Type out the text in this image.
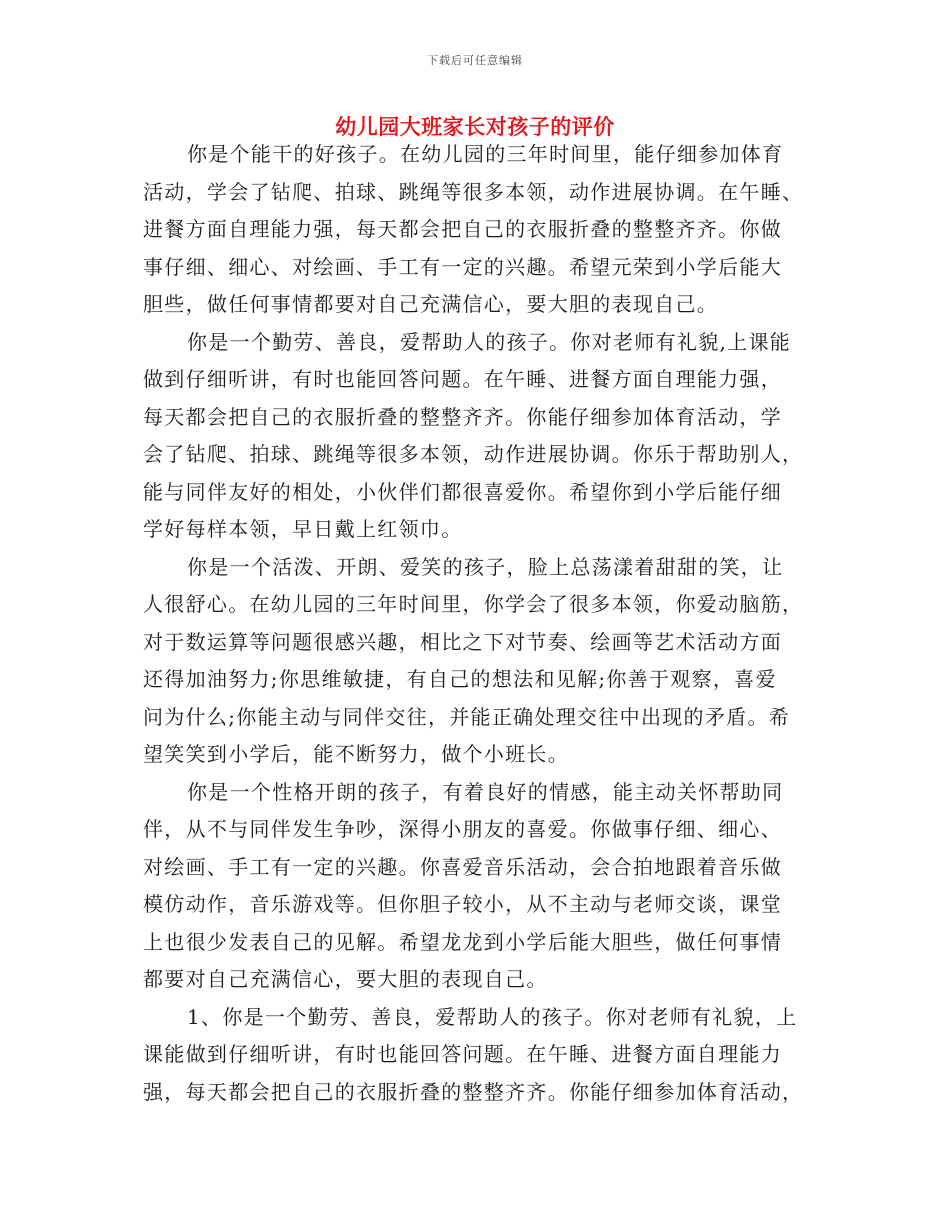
下载后可任意编辑
幼儿园大班家长对孩子的评价
你是个能干的好孩子。在幼儿园的三年时间里，能仔细参加体育
活动，学会了钻爬、拍球、跳绳等很多本领，动作进展协调。在午睡、
进餐方面自理能力强，每天都会把自己的衣服折叠的整整齐齐。你做
事仔细、细心、对绘画、手工有一定的兴趣。希望元荣到小学后能大
胆些，做任何事情都要对自己充满信心，要大胆的表现自己。
你是一个勤劳、善良，爱帮助人的孩子。你对老师有礼貌,上课能
做到仔细听讲，有时也能回答问题。在午睡、进餐方面自理能力强，
每天都会把自己的衣服折叠的整整齐齐。你能仔细参加体育活动，学
会了钻爬、拍球、跳绳等很多本领，动作进展协调。你乐于帮助别人，
能与同伴友好的相处，小伙伴们都很喜爱你。希望你到小学后能仔细
学好每样本领，早日戴上红领巾。
你是一个活泼、开朗、爱笑的孩子，脸上总荡漾着甜甜的笑，让
人很舒心。在幼儿园的三年时间里，你学会了很多本领，你爱动脑筋，
对于数运算等问题很感兴趣，相比之下对节奏、绘画等艺术活动方面
还得加油努力;你思维敏捷，有自己的想法和见解;你善于观察，喜爱
问为什么;你能主动与同伴交往，并能正确处理交往中出现的矛盾。希
望笑笑到小学后，能不断努力，做个小班长。
你是一个性格开朗的孩子，有着良好的情感，能主动关怀帮助同
伴，从不与同伴发生争吵，深得小朋友的喜爱。你做事仔细、细心、
对绘画、手工有一定的兴趣。你喜爱音乐活动，会合拍地跟着音乐做
模仿动作，音乐游戏等。但你胆子较小，从不主动与老师交谈，课堂
上也很少发表自己的见解。希望龙龙到小学后能大胆些，做任何事情
都要对自己充满信心，要大胆的表现自己。
1、你是一个勤劳、善良，爱帮助人的孩子。你对老师有礼貌，上
课能做到仔细听讲，有时也能回答问题。在午睡、进餐方面自理能力
强，每天都会把自己的衣服折叠的整整齐齐。你能仔细参加体育活动，
